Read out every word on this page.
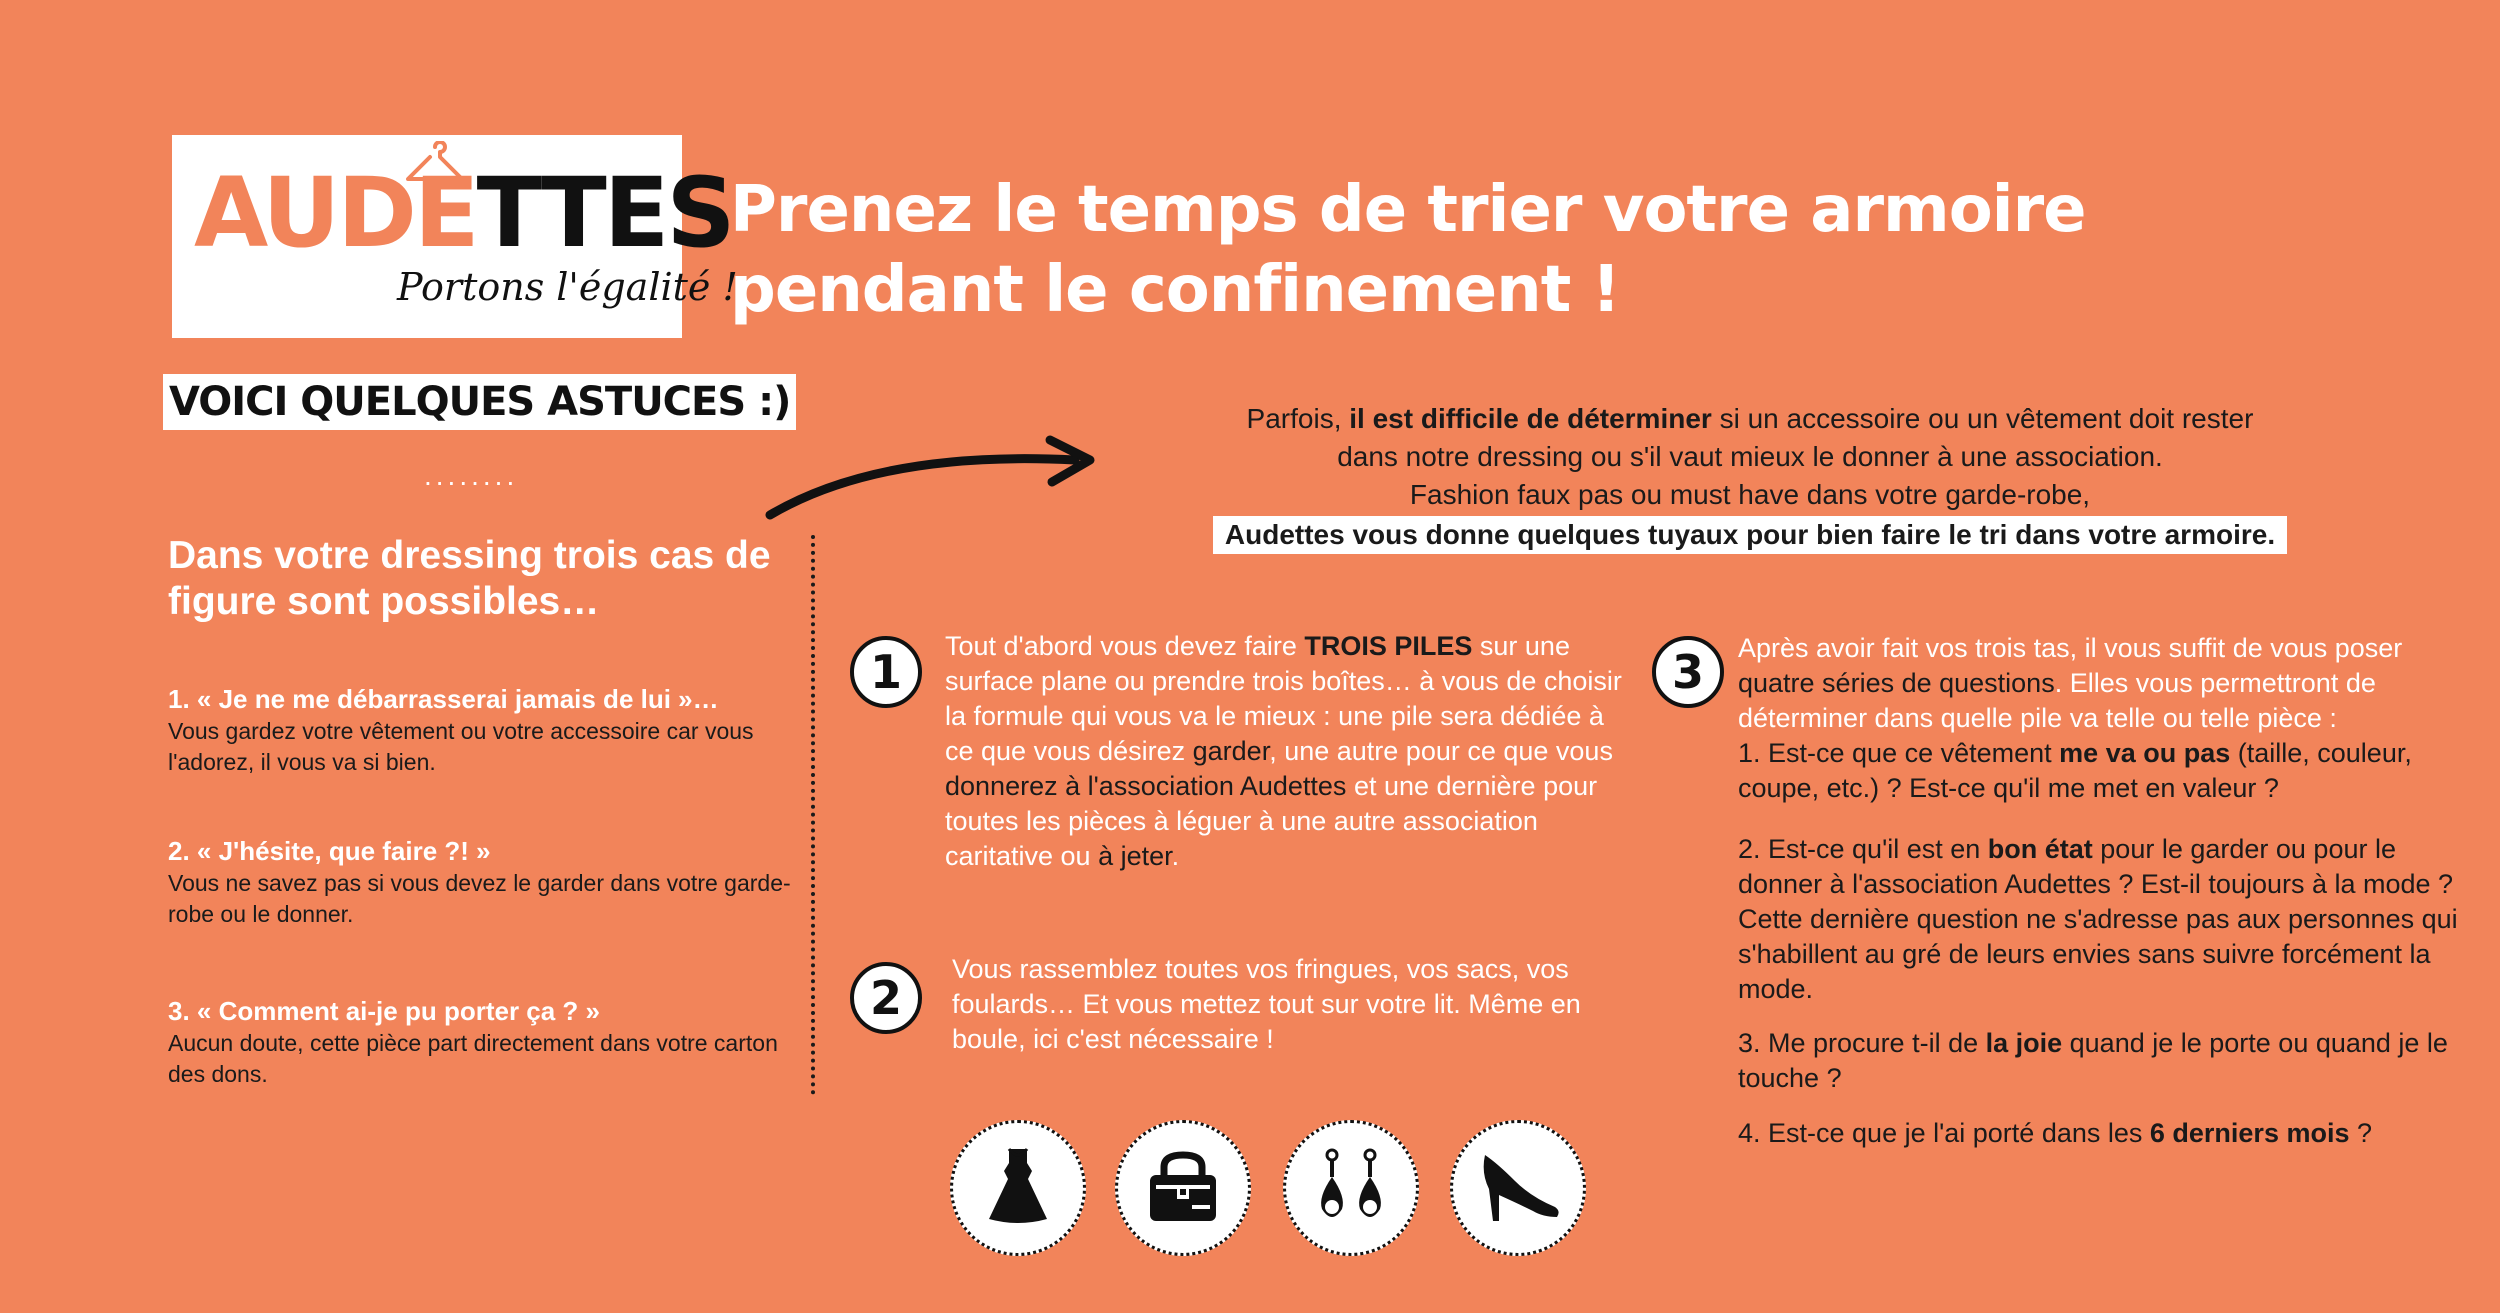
AUDETTES
Portons l'égalité !
Prenez le temps de trier votre armoire
pendant le confinement !
VOICI QUELQUES ASTUCES :)
........
Parfois, il est difficile de déterminer si un accessoire ou un vêtement doit rester
dans notre dressing ou s'il vaut mieux le donner à une association.
Fashion faux pas ou must have dans votre garde-robe,
Audettes vous donne quelques tuyaux pour bien faire le tri dans votre armoire.
Dans votre dressing trois cas de figure sont possibles…
1. « Je ne me débarrasserai jamais de lui »…
Vous gardez votre vêtement ou votre accessoire car vous l'adorez, il vous va si bien.
2. « J'hésite, que faire ?! »
Vous ne savez pas si vous devez le garder dans votre garde-robe ou le donner.
3. « Comment ai-je pu porter ça ? »
Aucun doute, cette pièce part directement dans votre carton des dons.
1	Tout d'abord vous devez faire TROIS PILES sur une surface plane ou prendre trois boîtes… à vous de choisir la formule qui vous va le mieux : une pile sera dédiée à ce que vous désirez garder, une autre pour ce que vous donnerez à l'association Audettes et une dernière pour toutes les pièces à léguer à une autre association caritative ou à jeter.
2
Vous rassemblez toutes vos fringues, vos sacs, vos foulards… Et vous mettez tout sur votre lit. Même en boule, ici c'est nécessaire !
3	Après avoir fait vos trois tas, il vous suffit de vous poser quatre séries de questions. Elles vous permettront de déterminer dans quelle pile va telle ou telle pièce :

1. Est-ce que ce vêtement me va ou pas (taille, couleur, coupe, etc.) ? Est-ce qu'il me met en valeur ?

2. Est-ce qu'il est en bon état pour le garder ou pour le donner à l'association Audettes ? Est-il toujours à la mode ? Cette dernière question ne s'adresse pas aux personnes qui s'habillent au gré de leurs envies sans suivre forcément la mode.

3. Me procure t-il de la joie quand je le porte ou quand je le touche ?

4. Est-ce que je l'ai porté dans les 6 derniers mois ?
